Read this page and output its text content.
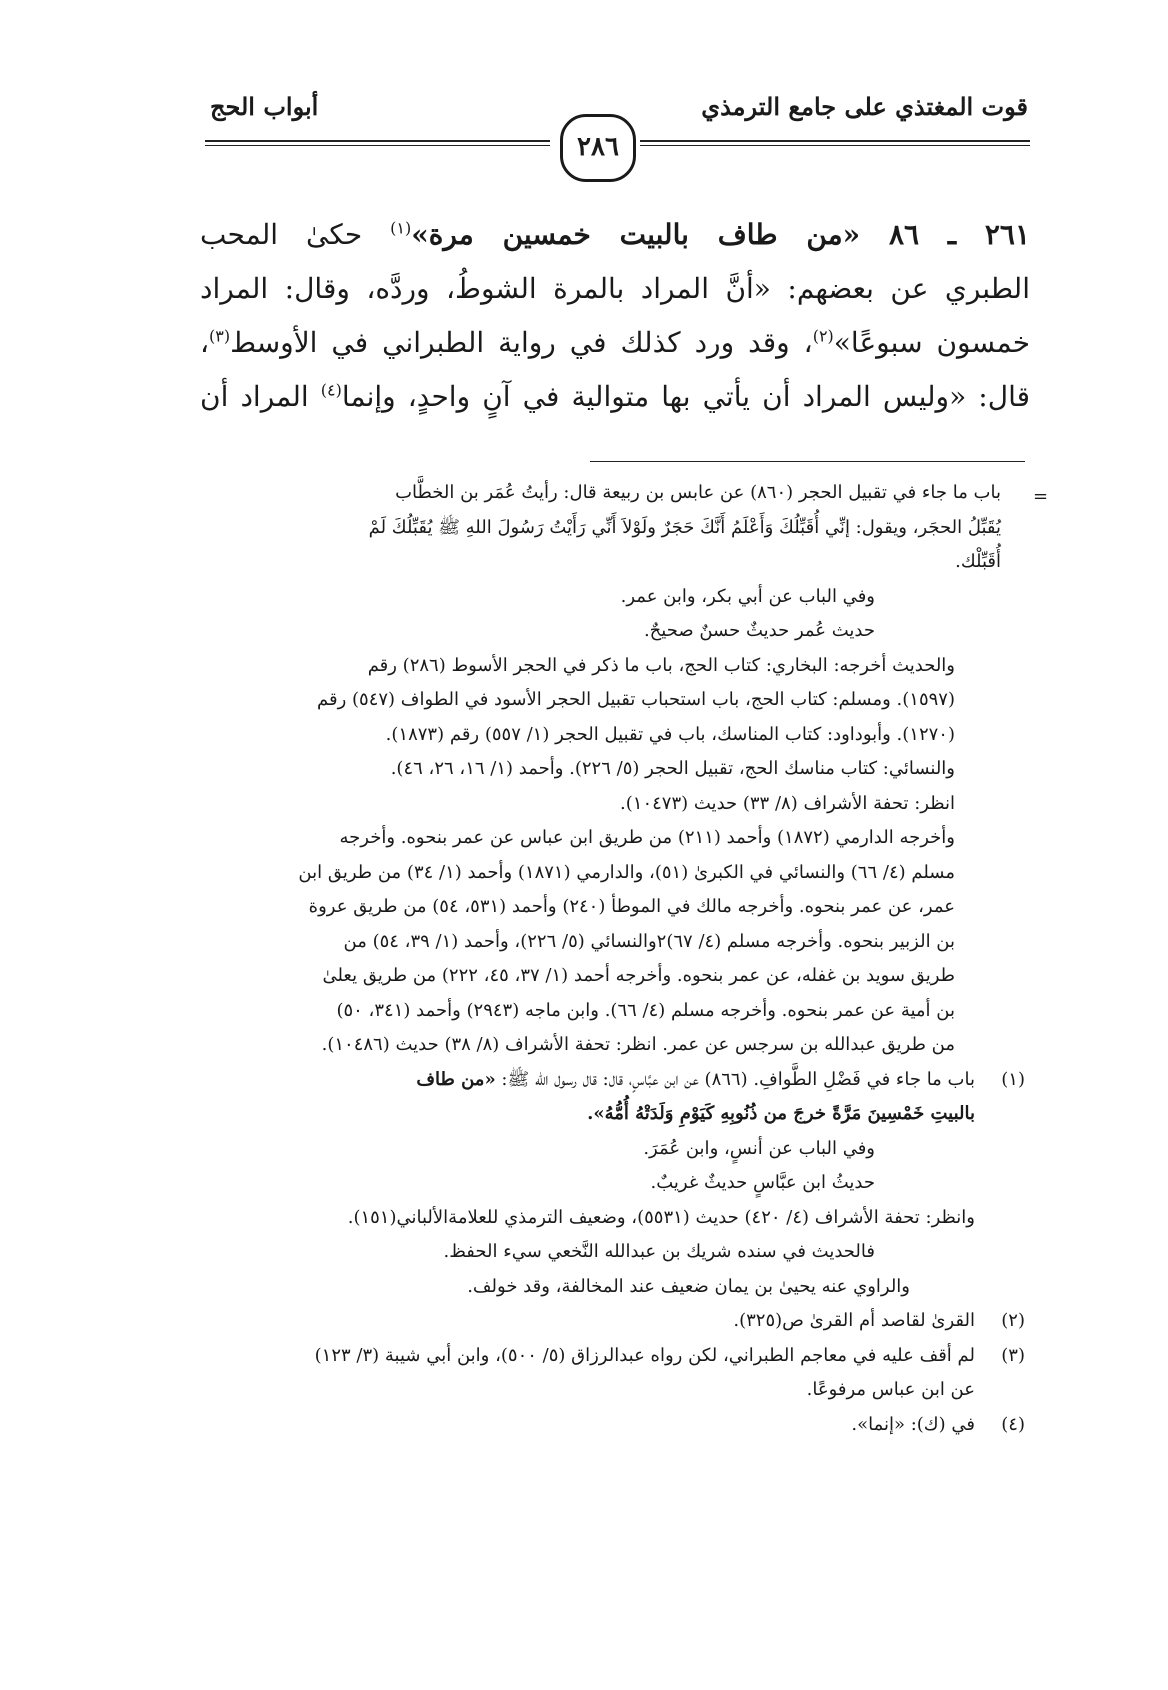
قوت المغتذي على جامع الترمذي
أبواب الحج
٢٨٦

٢٦١ ـ ٨٦ «من طاف بالبيت خمسين مرة»$^{(١)}$ حكىٰ المحب

الطبري عن بعضهم: «أنَّ المراد بالمرة الشوطُ، وردَّه، وقال: المراد

خمسون سبوعًا»$^{(٢)}$، وقد ورد كذلك في رواية الطبراني في الأوسط$^{(٣)}$،

قال: «وليس المراد أن يأتي بها متوالية في آنٍ واحدٍ، وإنما$^{(٤)}$ المراد أن

=

باب ما جاء في تقبيل الحجر (٨٦٠) عن عابس بن ربيعة قال: رأيتُ عُمَر بن الخطَّاب

يُقَبِّلُ الحجَر، ويقول: إنِّي أُقَبِّلُكَ وَأَعْلَمُ أَنَّكَ حَجَرٌ ولَوْلاَ أَنِّي رَأَيْتُ رَسُولَ اللهِ ﷺ يُقَبِّلُكَ لَمْ

أُقَبِّلْك.

وفي الباب عن أبي بكر، وابن عمر.

حديث عُمر حديثٌ حسنٌ صحيحٌ.

والحديث أخرجه: البخاري: كتاب الحج، باب ما ذكر في الحجر الأسوط (٢٨٦) رقم

(١٥٩٧). ومسلم: كتاب الحج، باب استحباب تقبيل الحجر الأسود في الطواف (٥٤٧) رقم

(١٢٧٠). وأبوداود: كتاب المناسك، باب في تقبيل الحجر (١/ ٥٥٧) رقم (١٨٧٣).

والنسائي: كتاب مناسك الحج، تقبيل الحجر (٥/ ٢٢٦). وأحمد (١/ ١٦، ٢٦، ٤٦).

انظر: تحفة الأشراف (٨/ ٣٣) حديث (١٠٤٧٣).

وأخرجه الدارمي (١٨٧٢) وأحمد (٢١١) من طريق ابن عباس عن عمر بنحوه. وأخرجه

مسلم (٤/ ٦٦) والنسائي في الكبرىٰ (٥١)، والدارمي (١٨٧١) وأحمد (١/ ٣٤) من طريق ابن

عمر، عن عمر بنحوه. وأخرجه مالك في الموطأ (٢٤٠) وأحمد (٥٣١، ٥٤) من طريق عروة

بن الزبير بنحوه. وأخرجه مسلم (٤/ ٦٧)٢والنسائي (٥/ ٢٢٦)، وأحمد (١/ ٣٩، ٥٤) من

طريق سويد بن غفله، عن عمر بنحوه. وأخرجه أحمد (١/ ٣٧، ٤٥، ٢٢٢) من طريق يعلىٰ

بن أمية عن عمر بنحوه. وأخرجه مسلم (٤/ ٦٦). وابن ماجه (٢٩٤٣) وأحمد (٣٤١، ٥٠)

من طريق عبدالله بن سرجس عن عمر. انظر: تحفة الأشراف (٨/ ٣٨) حديث (١٠٤٨٦).

(١)باب ما جاء في فَضْلِ الطَّوافِ. (٨٦٦) عن ابن عبَّاسٍ، قال: قال رسول الله ﷺ: «من طاف

بالبيتِ خَمْسِينَ مَرَّةً خرجَ من ذُنُوبِهِ كَيَوْمِ وَلَدَتْهُ أُمُّهُ».

وفي الباب عن أنسٍ، وابن عُمَرَ.

حديثُ ابن عبَّاسٍ حديثٌ غريبٌ.

وانظر: تحفة الأشراف (٤/ ٤٢٠) حديث (٥٥٣١)، وضعيف الترمذي للعلامةالألباني(١٥١).

فالحديث في سنده شريك بن عبدالله النَّخعي سيء الحفظ.

والراوي عنه يحيىٰ بن يمان ضعيف عند المخالفة، وقد خولف.

(٢)القرىٰ لقاصد أم القرىٰ ص(٣٢٥).

(٣)لم أقف عليه في معاجم الطبراني، لكن رواه عبدالرزاق (٥/ ٥٠٠)، وابن أبي شيبة (٣/ ١٢٣)

عن ابن عباس مرفوعًا.

(٤)في (ك): «إنما».
